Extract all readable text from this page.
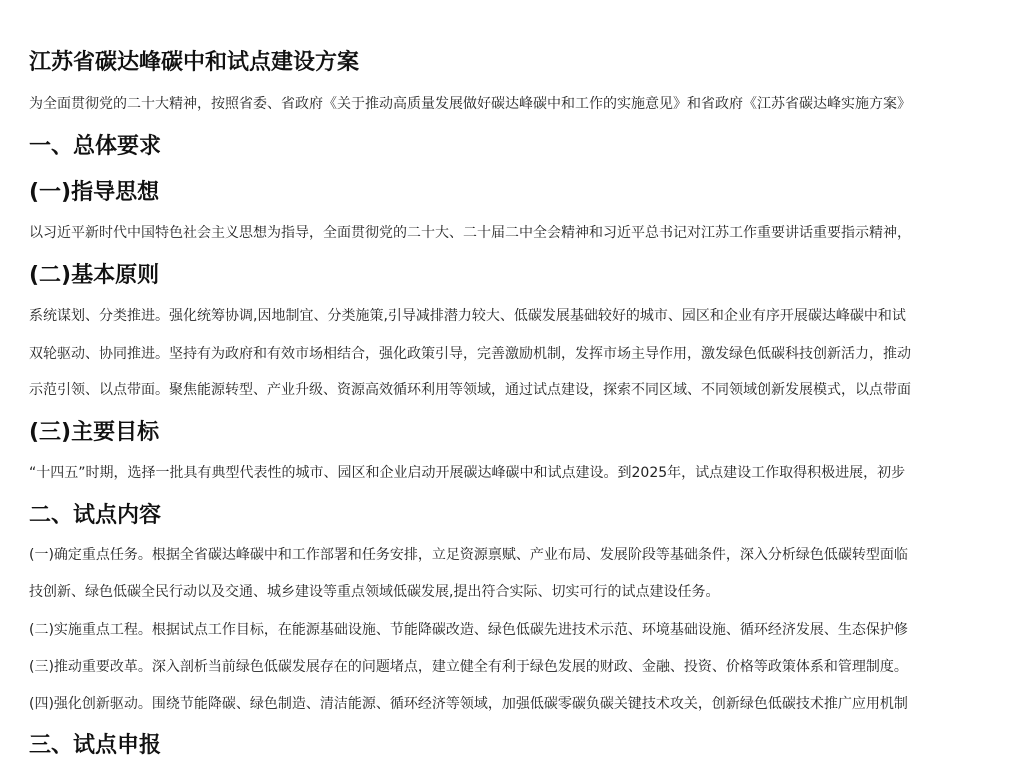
江苏省碳达峰碳中和试点建设方案
为全面贯彻党的二十大精神，按照省委、省政府《关于推动高质量发展做好碳达峰碳中和工作的实施意见》和省政府《江苏省碳达峰实施方案》
一、总体要求
(一)指导思想
以习近平新时代中国特色社会主义思想为指导，全面贯彻党的二十大、二十届二中全会精神和习近平总书记对江苏工作重要讲话重要指示精神，
(二)基本原则
系统谋划、分类推进。强化统筹协调,因地制宜、分类施策,引导减排潜力较大、低碳发展基础较好的城市、园区和企业有序开展碳达峰碳中和试
双轮驱动、协同推进。坚持有为政府和有效市场相结合，强化政策引导，完善激励机制，发挥市场主导作用，激发绿色低碳科技创新活力，推动
示范引领、以点带面。聚焦能源转型、产业升级、资源高效循环利用等领域，通过试点建设，探索不同区域、不同领域创新发展模式，以点带面
(三)主要目标
“十四五”时期，选择一批具有典型代表性的城市、园区和企业启动开展碳达峰碳中和试点建设。到2025年，试点建设工作取得积极进展，初步
二、试点内容
(一)确定重点任务。根据全省碳达峰碳中和工作部署和任务安排，立足资源禀赋、产业布局、发展阶段等基础条件，深入分析绿色低碳转型面临
技创新、绿色低碳全民行动以及交通、城乡建设等重点领域低碳发展,提出符合实际、切实可行的试点建设任务。
(二)实施重点工程。根据试点工作目标，在能源基础设施、节能降碳改造、绿色低碳先进技术示范、环境基础设施、循环经济发展、生态保护修
(三)推动重要改革。深入剖析当前绿色低碳发展存在的问题堵点，建立健全有利于绿色发展的财政、金融、投资、价格等政策体系和管理制度。
(四)强化创新驱动。围绕节能降碳、绿色制造、清洁能源、循环经济等领域，加强低碳零碳负碳关键技术攻关，创新绿色低碳技术推广应用机制
三、试点申报
